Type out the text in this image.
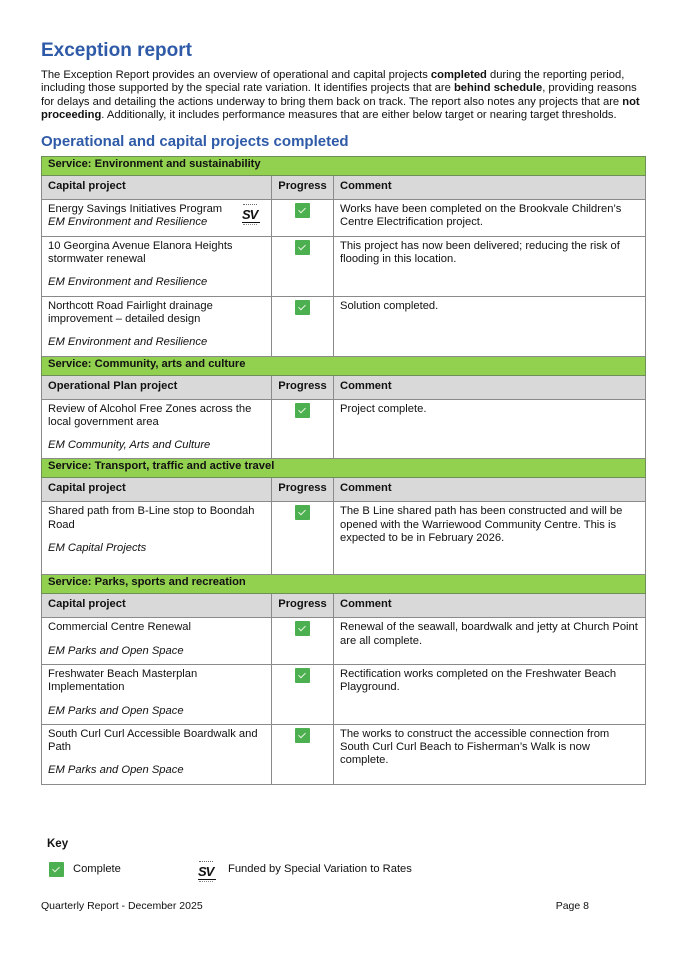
Exception report

The Exception Report provides an overview of operational and capital projects completed during the reporting period, including those supported by the special rate variation. It identifies projects that are behind schedule, providing reasons for delays and detailing the actions underway to bring them back on track. The report also notes any projects that are not proceeding. Additionally, it includes performance measures that are either below target or nearing target thresholds.

Operational and capital projects completed
Service: Environment and sustainability		
Capital project	Progress	Comment
Energy Savings Initiatives Program
EM Environment and Resilience
SV		Works have been completed on the Brookvale Children’s Centre Electrification project.
10 Georgina Avenue Elanora Heights stormwater renewal
EM Environment and Resilience		This project has now been delivered; reducing the risk of flooding in this location.
Northcott Road Fairlight drainage improvement – detailed design
EM Environment and Resilience		Solution completed.
Service: Community, arts and culture		
Operational Plan project	Progress	Comment
Review of Alcohol Free Zones across the local government area
EM Community, Arts and Culture		Project complete.
Service: Transport, traffic and active travel		
Capital project	Progress	Comment
Shared path from B-Line stop to Boondah Road
EM Capital Projects		The B Line shared path has been constructed and will be opened with the Warriewood Community Centre. This is expected to be in February 2026.
Service: Parks, sports and recreation		
Capital project	Progress	Comment
Commercial Centre Renewal
EM Parks and Open Space		Renewal of the seawall, boardwalk and jetty at Church Point are all complete.
Freshwater Beach Masterplan Implementation
EM Parks and Open Space		Rectification works completed on the Freshwater Beach Playground.
South Curl Curl Accessible Boardwalk and Path
EM Parks and Open Space		The works to construct the accessible connection from South Curl Curl Beach to Fisherman’s Walk is now complete.
Key
Complete	SV	Funded by Special Variation to Rates
Quarterly Report - December 2025	Page 8
